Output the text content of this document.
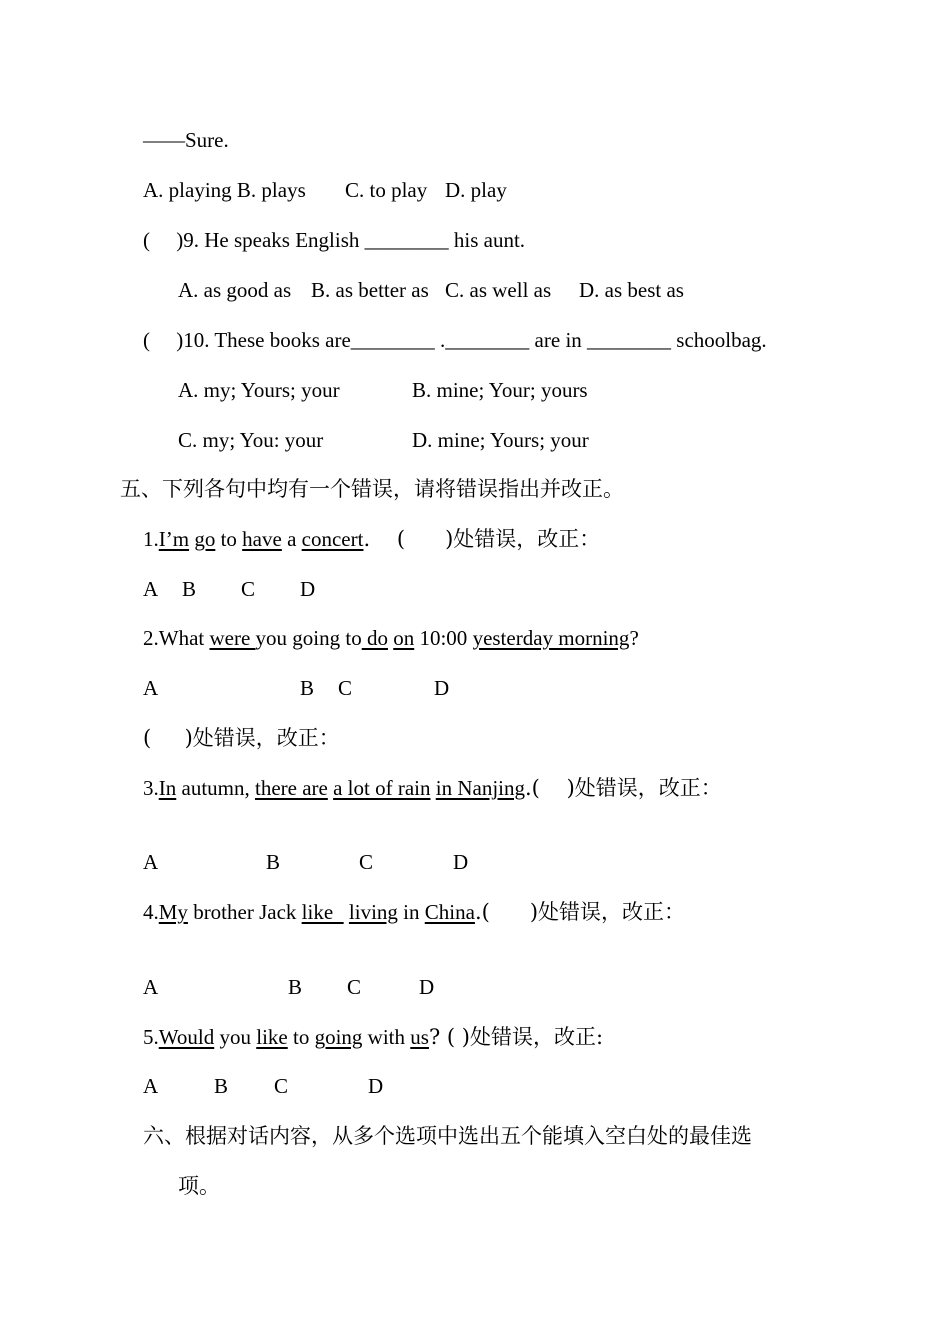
——Sure.
A. playing B. plays C. to play D. play
(     )9. He speaks English ________ his aunt.
A. as good as B. as better as C. as well as D. as best as
(     )10. These books are________ .________ are in ________ schoolbag.
A. my; Yours; your	B. mine; Your; yours
C. my; You: your	D. mine; Yours; your
五、下列各句中均有一个错误，请将错误指出并改正。
1.I’m go to have a concert.    (      )处错误，改正：
A B C D
2.What were you going to do on 10:00 yesterday morning?
A	B C	D
(     )处错误，改正：
3.In autumn, there are a lot of rain in Nanjing.(    )处错误，改正：
A	B	C	D
4.My brother Jack like   living in China.(      )处错误，改正：
A	B C	D
5.Would you like to going with us? ( )处错误，改正:
A	B C	D
六、根据对话内容，从多个选项中选出五个能填入空白处的最佳选
项。
